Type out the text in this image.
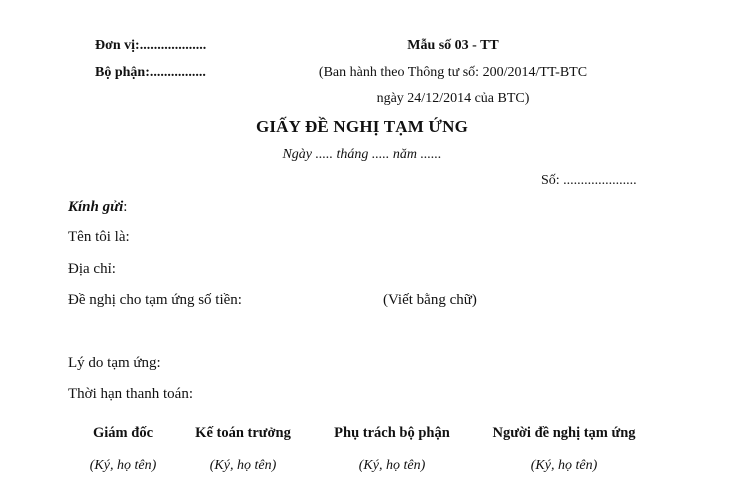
Đơn vị:...................
Bộ phận:................
Mẫu số 03 - TT
(Ban hành theo Thông tư số: 200/2014/TT-BTC
ngày 24/12/2014 của BTC)
GIẤY ĐỀ NGHỊ TẠM ỨNG
Ngày ..... tháng ..... năm ......
Số: .....................
Kính gửi:
Tên tôi là:
Địa chỉ:
Đề nghị cho tạm ứng số tiền:	(Viết bằng chữ)
Lý do tạm ứng:
Thời hạn thanh toán:
Giám đốc
(Ký, họ tên)
Kế toán trưởng
(Ký, họ tên)
Phụ trách bộ phận
(Ký, họ tên)
Người đề nghị tạm ứng
(Ký, họ tên)
